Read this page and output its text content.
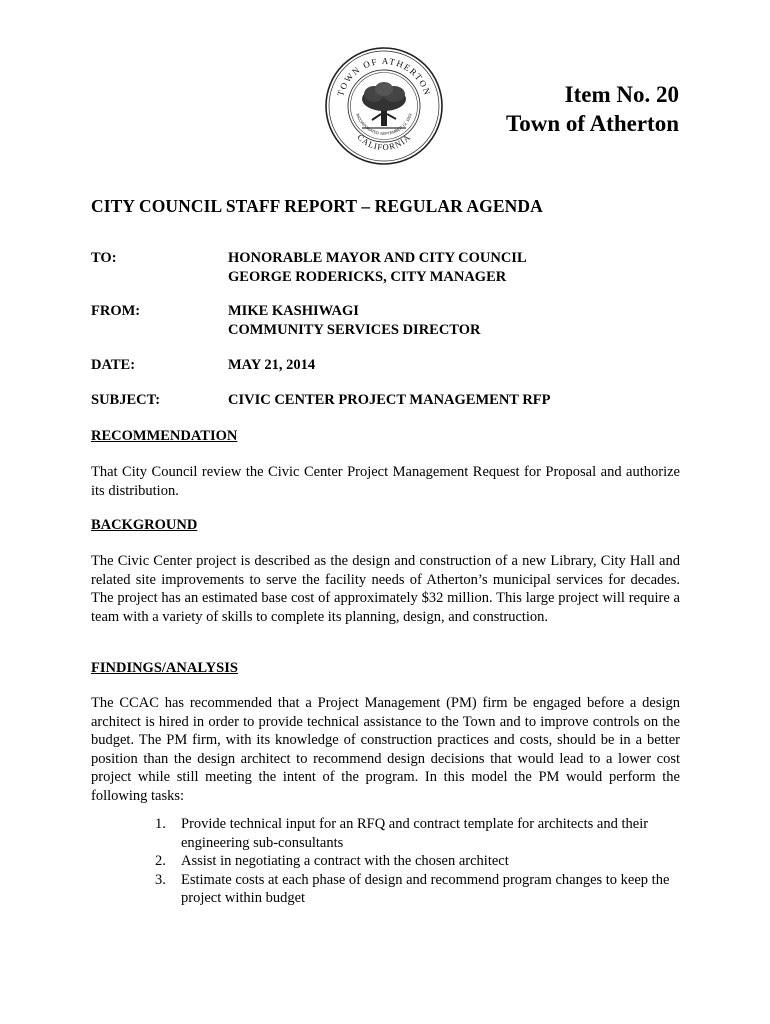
TOWN OF ATHERTON
INCORPORATED SEPTEMBER 12, 1923
CALIFORNIA
Item No. 20
Town of Atherton
CITY COUNCIL STAFF REPORT – REGULAR AGENDA
TO:	HONORABLE MAYOR AND CITY COUNCIL
GEORGE RODERICKS, CITY MANAGER
FROM:	MIKE KASHIWAGI
COMMUNITY SERVICES DIRECTOR
DATE:	MAY 21, 2014
SUBJECT:	CIVIC CENTER PROJECT MANAGEMENT RFP
RECOMMENDATION
That City Council review the Civic Center Project Management Request for Proposal and authorize its distribution.
BACKGROUND
The Civic Center project is described as the design and construction of a new Library, City Hall and related site improvements to serve the facility needs of Atherton’s municipal services for decades. The project has an estimated base cost of approximately $32 million. This large project will require a team with a variety of skills to complete its planning, design, and construction.
FINDINGS/ANALYSIS
The CCAC has recommended that a Project Management (PM) firm be engaged before a design architect is hired in order to provide technical assistance to the Town and to improve controls on the budget. The PM firm, with its knowledge of construction practices and costs, should be in a better position than the design architect to recommend design decisions that would lead to a lower cost project while still meeting the intent of the program. In this model the PM would perform the following tasks:
1. Provide technical input for an RFQ and contract template for architects and their engineering sub-consultants
2. Assist in negotiating a contract with the chosen architect
3. Estimate costs at each phase of design and recommend program changes to keep the project within budget
